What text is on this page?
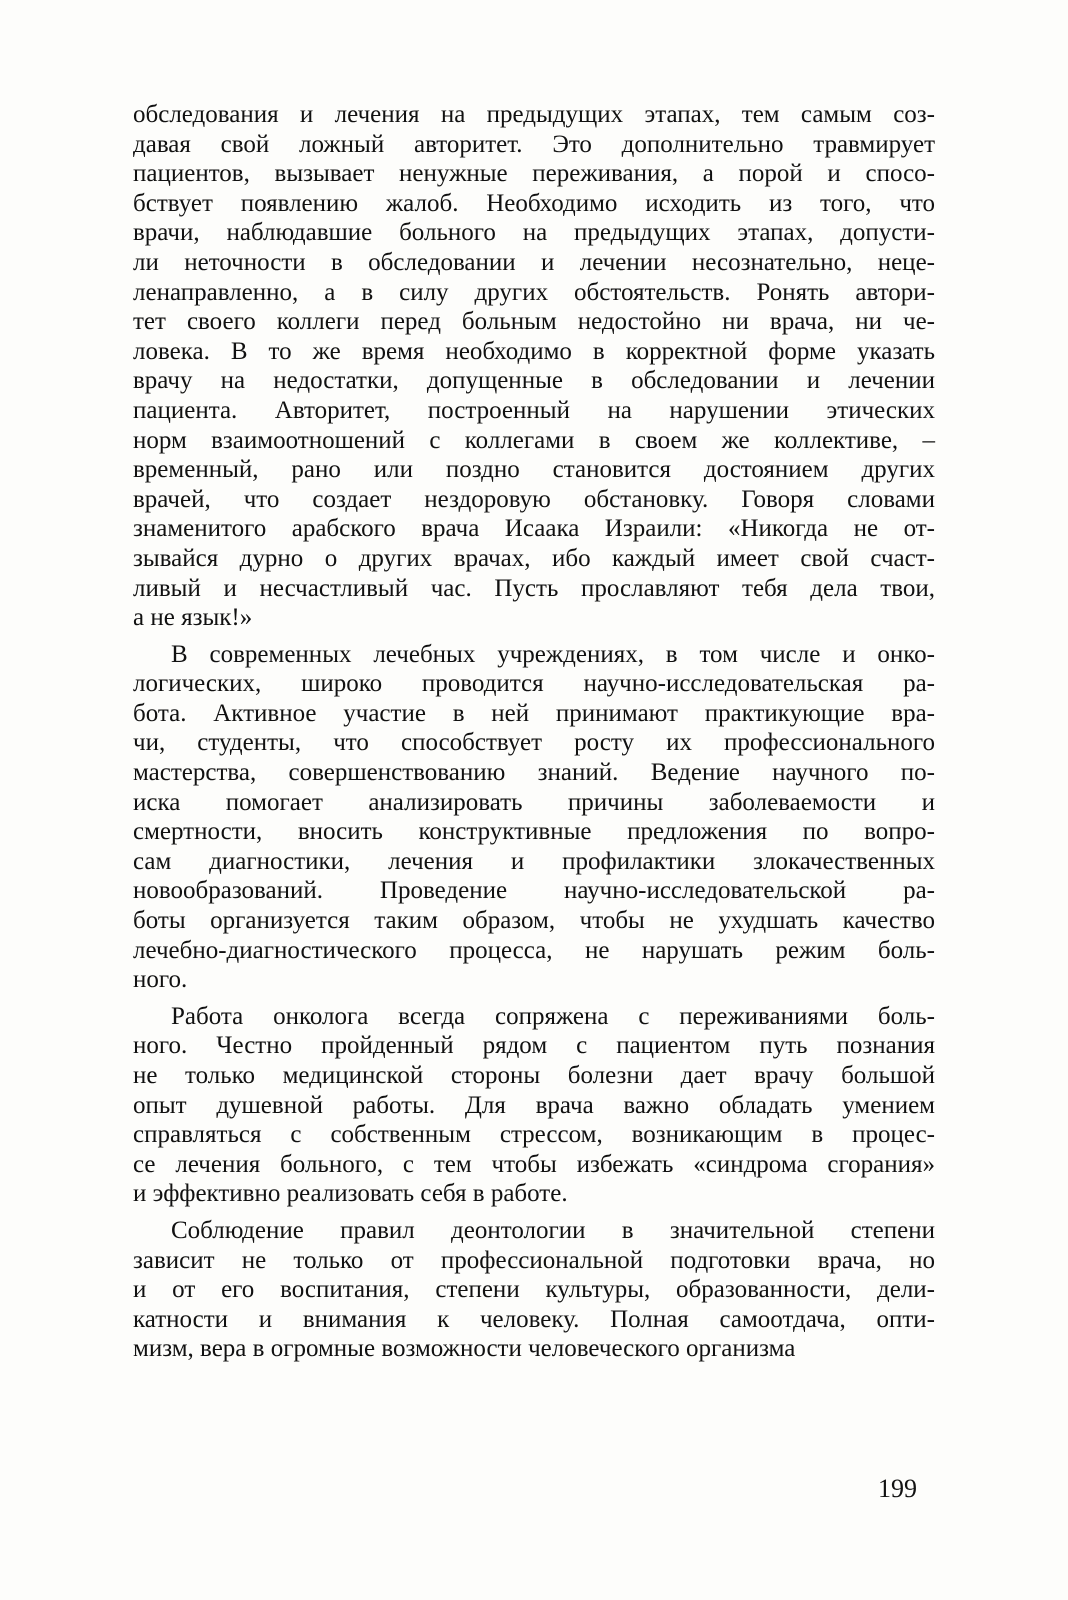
обследования и лечения на предыдущих этапах, тем самым соз-
давая свой ложный авторитет. Это дополнительно травмирует
пациентов, вызывает ненужные переживания, а порой и спосо-
бствует появлению жалоб. Необходимо исходить из того, что
врачи, наблюдавшие больного на предыдущих этапах, допусти-
ли неточности в обследовании и лечении несознательно, неце-
ленаправленно, а в силу других обстоятельств. Ронять автори-
тет своего коллеги перед больным недостойно ни врача, ни че-
ловека. В то же время необходимо в корректной форме указать
врачу на недостатки, допущенные в обследовании и лечении
пациента. Авторитет, построенный на нарушении этических
норм взаимоотношений с коллегами в своем же коллективе, –
временный, рано или поздно становится достоянием других
врачей, что создает нездоровую обстановку. Говоря словами
знаменитого арабского врача Исаака Израили: «Никогда не от-
зывайся дурно о других врачах, ибо каждый имеет свой счаст-
ливый и несчастливый час. Пусть прославляют тебя дела твои,
а не язык!»
В современных лечебных учреждениях, в том числе и онко-
логических, широко проводится научно-исследовательская ра-
бота. Активное участие в ней принимают практикующие вра-
чи, студенты, что способствует росту их профессионального
мастерства, совершенствованию знаний. Ведение научного по-
иска помогает анализировать причины заболеваемости и
смертности, вносить конструктивные предложения по вопро-
сам диагностики, лечения и профилактики злокачественных
новообразований. Проведение научно-исследовательской ра-
боты организуется таким образом, чтобы не ухудшать качество
лечебно-диагностического процесса, не нарушать режим боль-
ного.
Работа онколога всегда сопряжена с переживаниями боль-
ного. Честно пройденный рядом с пациентом путь познания
не только медицинской стороны болезни дает врачу большой
опыт душевной работы. Для врача важно обладать умением
справляться с собственным стрессом, возникающим в процес-
се лечения больного, с тем чтобы избежать «синдрома сгорания»
и эффективно реализовать себя в работе.
Соблюдение правил деонтологии в значительной степени
зависит не только от профессиональной подготовки врача, но
и от его воспитания, степени культуры, образованности, дели-
катности и внимания к человеку. Полная самоотдача, опти-
мизм, вера в огромные возможности человеческого организма
199
